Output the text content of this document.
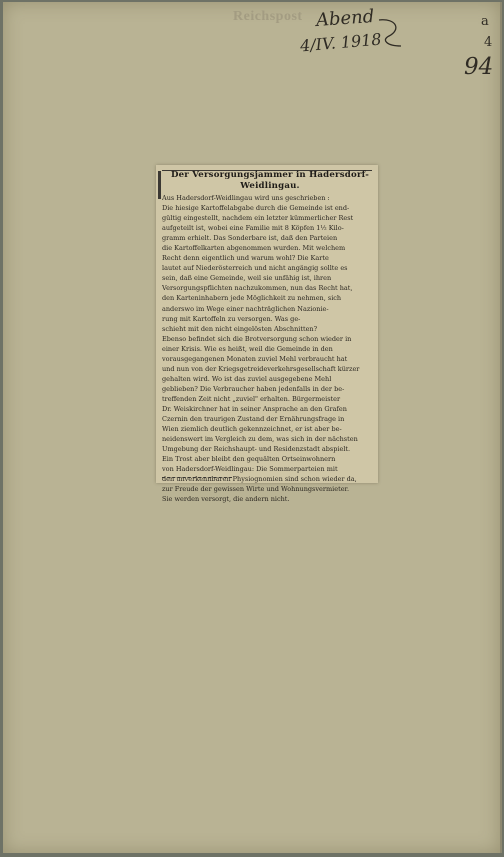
Reichspost Abend
4/IV. 1918
a
4
94
Der Versorgungsjammer in Hadersdorf-Weidlingau.
Aus Hadersdorf-Weidlingau wird uns geschrieben :
Die hiesige Kartoffelabgabe durch die Gemeinde ist end-
gültig eingestellt, nachdem ein letzter kümmerlicher Rest
aufgeteilt ist, wobei eine Familie mit 8 Köpfen 1½ Kilo-
gramm erhielt. Das Sonderbare ist, daß den Parteien
die Kartoffelkarten abgenommen wurden. Mit welchem
Recht denn eigentlich und warum wohl? Die Karte
lautet auf Niederösterreich und nicht angängig sollte es
sein, daß eine Gemeinde, weil sie unfähig ist, ihren
Versorgungspflichten nachzukommen, nun das Recht hat,
den Karteninhabern jede Möglichkeit zu nehmen, sich
anderswo im Wege einer nachträglichen Nazionie-
rung mit Kartoffeln zu versorgen. Was ge-
schieht mit den nicht eingelösten Abschnitten?
Ebenso befindet sich die Brotversorgung schon wieder in
einer Krisis. Wie es heißt, weil die Gemeinde in den
vorausgegangenen Monaten zuviel Mehl verbraucht hat
und nun von der Kriegsgetreideverkehrsgesellschaft kürzer
gehalten wird. Wo ist das zuviel ausgegebene Mehl
geblieben? Die Verbraucher haben jedenfalls in der be-
treffenden Zeit nicht „zuviel" erhalten. Bürgermeister
Dr. Weiskirchner hat in seiner Ansprache an den Grafen
Czernin den traurigen Zustand der Ernährungsfrage in
Wien ziemlich deutlich gekennzeichnet, er ist aber be-
neidenswert im Vergleich zu dem, was sich in der nächsten
Umgebung der Reichshaupt- und Residenzstadt abspielt.
Ein Trost aber bleibt den gequälten Ortseinwohnern
von Hadersdorf-Weidlingau: Die Sommerparteien mit
den unverkennbaren Physiognomien sind schon wieder da,
zur Freude der gewissen Wirte und Wohnungsvermieter.
Sie werden versorgt, die andern nicht.
